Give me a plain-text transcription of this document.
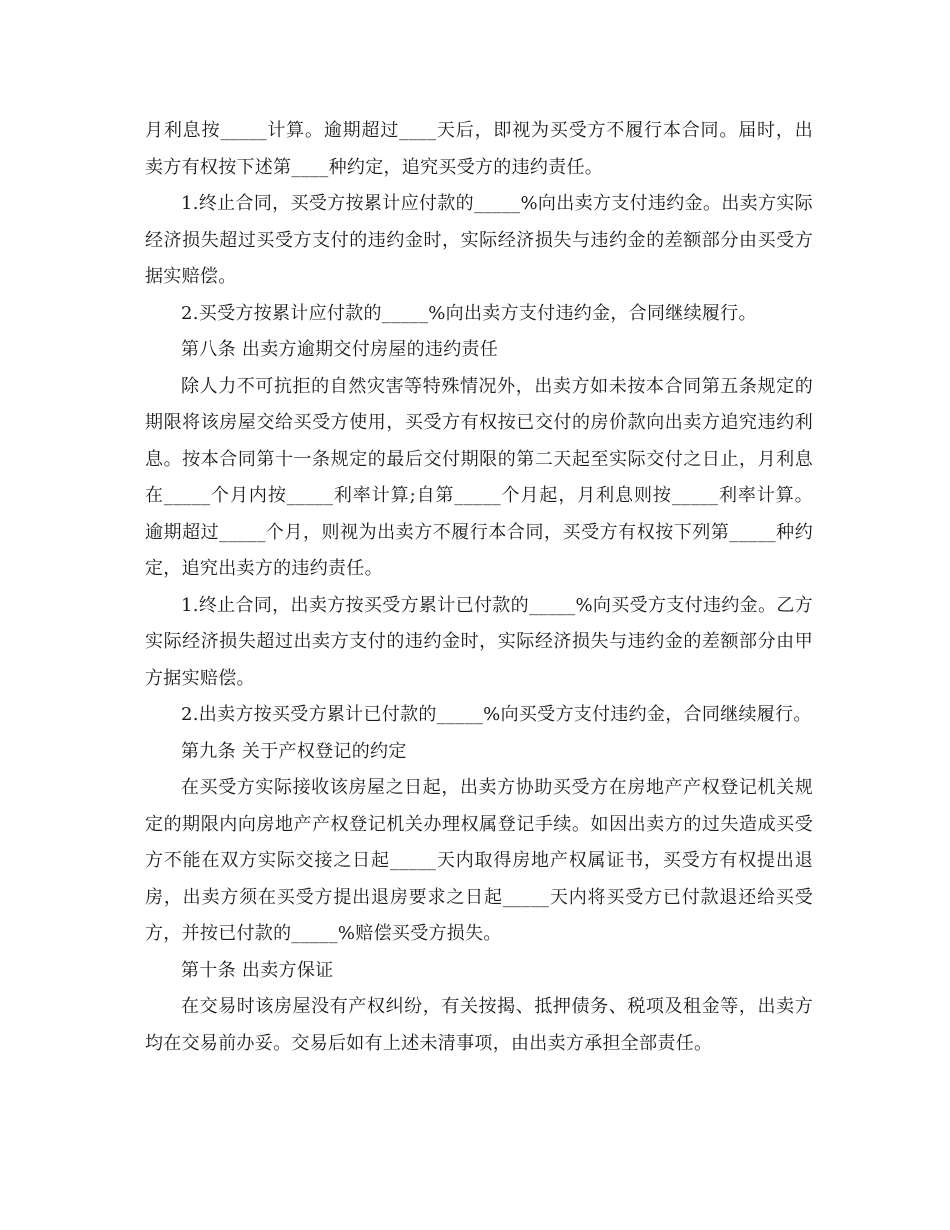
月利息按_____计算。逾期超过____天后，即视为买受方不履行本合同。届时，出卖方有权按下述第____种约定，追究买受方的违约责任。

1.终止合同，买受方按累计应付款的_____%向出卖方支付违约金。出卖方实际经济损失超过买受方支付的违约金时，实际经济损失与违约金的差额部分由买受方据实赔偿。

2.买受方按累计应付款的_____%向出卖方支付违约金，合同继续履行。

第八条 出卖方逾期交付房屋的违约责任

除人力不可抗拒的自然灾害等特殊情况外，出卖方如未按本合同第五条规定的期限将该房屋交给买受方使用，买受方有权按已交付的房价款向出卖方追究违约利息。按本合同第十一条规定的最后交付期限的第二天起至实际交付之日止，月利息在_____个月内按_____利率计算;自第_____个月起，月利息则按_____利率计算。逾期超过_____个月，则视为出卖方不履行本合同，买受方有权按下列第_____种约定，追究出卖方的违约责任。

1.终止合同，出卖方按买受方累计已付款的_____%向买受方支付违约金。乙方实际经济损失超过出卖方支付的违约金时，实际经济损失与违约金的差额部分由甲方据实赔偿。

2.出卖方按买受方累计已付款的_____%向买受方支付违约金，合同继续履行。

第九条 关于产权登记的约定

在买受方实际接收该房屋之日起，出卖方协助买受方在房地产产权登记机关规定的期限内向房地产产权登记机关办理权属登记手续。如因出卖方的过失造成买受方不能在双方实际交接之日起_____天内取得房地产权属证书，买受方有权提出退房，出卖方须在买受方提出退房要求之日起_____天内将买受方已付款退还给买受方，并按已付款的_____%赔偿买受方损失。

第十条 出卖方保证

在交易时该房屋没有产权纠纷，有关按揭、抵押债务、税项及租金等，出卖方均在交易前办妥。交易后如有上述未清事项，由出卖方承担全部责任。
